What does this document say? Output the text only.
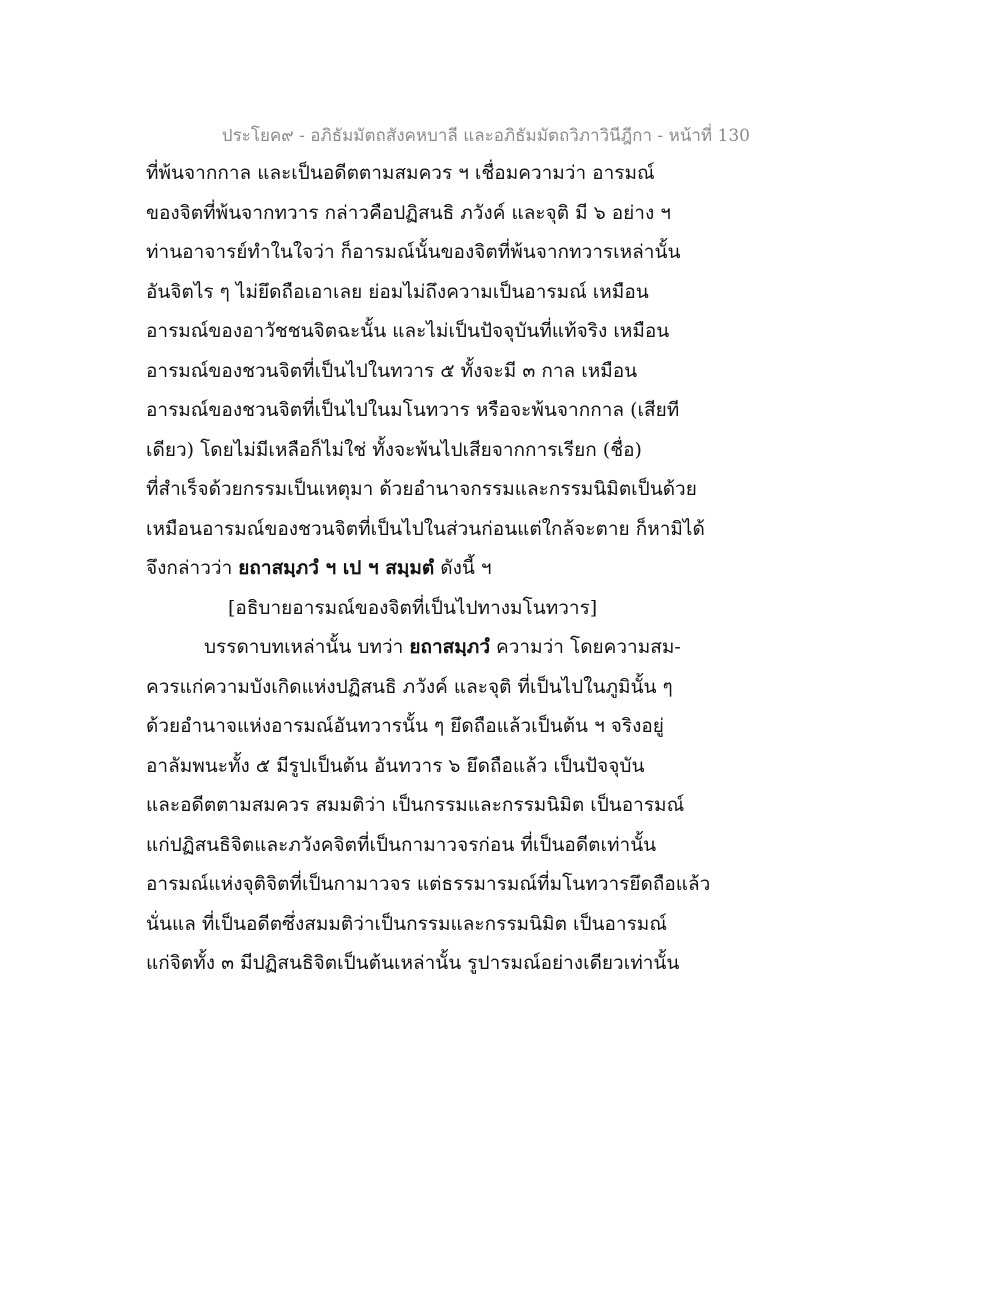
ประโยค๙ - อภิธัมมัตถสังคหบาลี และอภิธัมมัตถวิภาวินีฎีกา - หน้าที่ 130
ที่พ้นจากกาล และเป็นอดีตตามสมควร ฯ เชื่อมความว่า อารมณ์
ของจิตที่พ้นจากทวาร กล่าวคือปฏิสนธิ ภวังค์ และจุติ มี ๖ อย่าง ฯ
ท่านอาจารย์ทำในใจว่า ก็อารมณ์นั้นของจิตที่พ้นจากทวารเหล่านั้น
อันจิตไร ๆ ไม่ยึดถือเอาเลย ย่อมไม่ถึงความเป็นอารมณ์ เหมือน
อารมณ์ของอาวัชชนจิตฉะนั้น และไม่เป็นปัจจุบันที่แท้จริง เหมือน
อารมณ์ของชวนจิตที่เป็นไปในทวาร ๕ ทั้งจะมี ๓ กาล เหมือน
อารมณ์ของชวนจิตที่เป็นไปในมโนทวาร หรือจะพ้นจากกาล (เสียที
เดียว) โดยไม่มีเหลือก็ไม่ใช่ ทั้งจะพ้นไปเสียจากการเรียก (ชื่อ)
ที่สำเร็จด้วยกรรมเป็นเหตุมา ด้วยอำนาจกรรมและกรรมนิมิตเป็นด้วย
เหมือนอารมณ์ของชวนจิตที่เป็นไปในส่วนก่อนแต่ใกล้จะตาย ก็หามิได้
จึงกล่าวว่า ยถาสมฺภวํ ฯ เป ฯ สมฺมตํ ดังนี้ ฯ
[อธิบายอารมณ์ของจิตที่เป็นไปทางมโนทวาร]
บรรดาบทเหล่านั้น บทว่า ยถาสมฺภวํ ความว่า โดยความสม-
ควรแก่ความบังเกิดแห่งปฏิสนธิ ภวังค์ และจุติ ที่เป็นไปในภูมินั้น ๆ
ด้วยอำนาจแห่งอารมณ์อันทวารนั้น ๆ ยึดถือแล้วเป็นต้น ฯ จริงอยู่
อาลัมพนะทั้ง ๕ มีรูปเป็นต้น อันทวาร ๖ ยึดถือแล้ว เป็นปัจจุบัน
และอดีตตามสมควร สมมติว่า เป็นกรรมและกรรมนิมิต เป็นอารมณ์
แก่ปฏิสนธิจิตและภวังคจิตที่เป็นกามาวจรก่อน ที่เป็นอดีตเท่านั้น
อารมณ์แห่งจุติจิตที่เป็นกามาวจร แต่ธรรมารมณ์ที่มโนทวารยึดถือแล้ว
นั่นแล ที่เป็นอดีตซึ่งสมมติว่าเป็นกรรมและกรรมนิมิต เป็นอารมณ์
แก่จิตทั้ง ๓ มีปฏิสนธิจิตเป็นต้นเหล่านั้น รูปารมณ์อย่างเดียวเท่านั้น
